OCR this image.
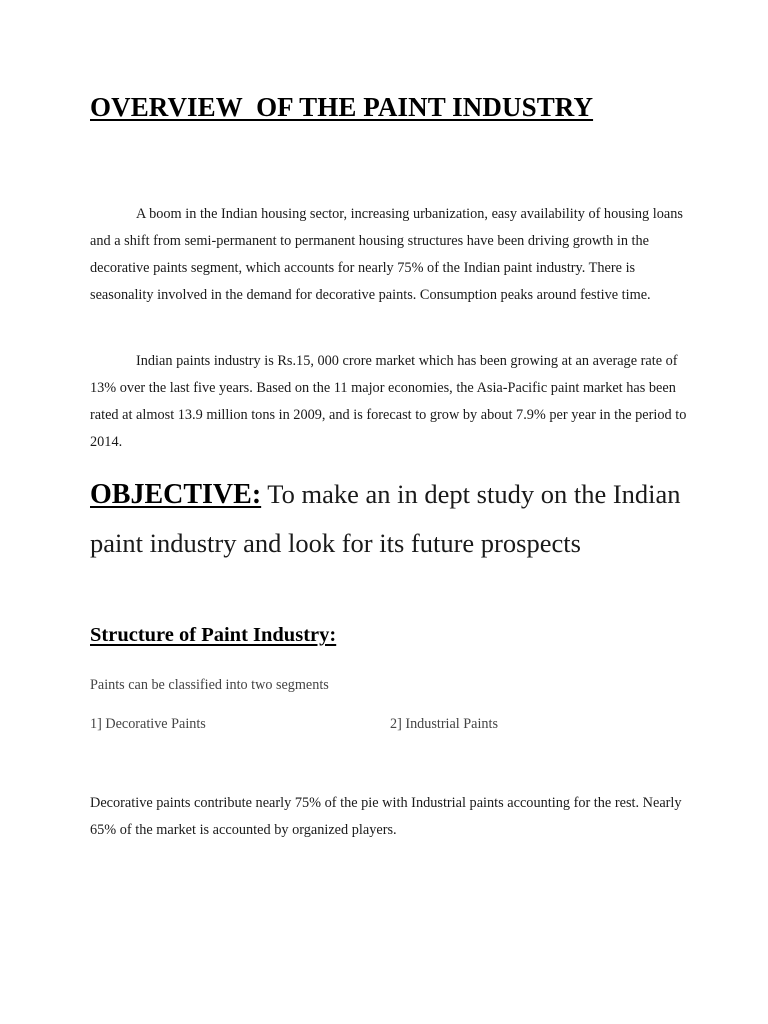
OVERVIEW  OF THE PAINT INDUSTRY
A boom in the Indian housing sector, increasing urbanization, easy availability of housing loans and a shift from semi-permanent to permanent housing structures have been driving growth in the decorative paints segment, which accounts for nearly 75% of the Indian paint industry. There is seasonality involved in the demand for decorative paints. Consumption peaks around festive time.
Indian paints industry is Rs.15, 000 crore market which has been growing at an average rate of 13% over the last five years. Based on the 11 major economies, the Asia-Pacific paint market has been rated at almost 13.9 million tons in 2009, and is forecast to grow by about 7.9% per year in the period to 2014.
OBJECTIVE: To make an in dept study on the Indian paint industry and look for its future prospects
Structure of Paint Industry:
Paints can be classified into two segments
1] Decorative Paints	2] Industrial Paints
Decorative paints contribute nearly 75% of the pie with Industrial paints accounting for the rest. Nearly 65% of the market is accounted by organized players.
